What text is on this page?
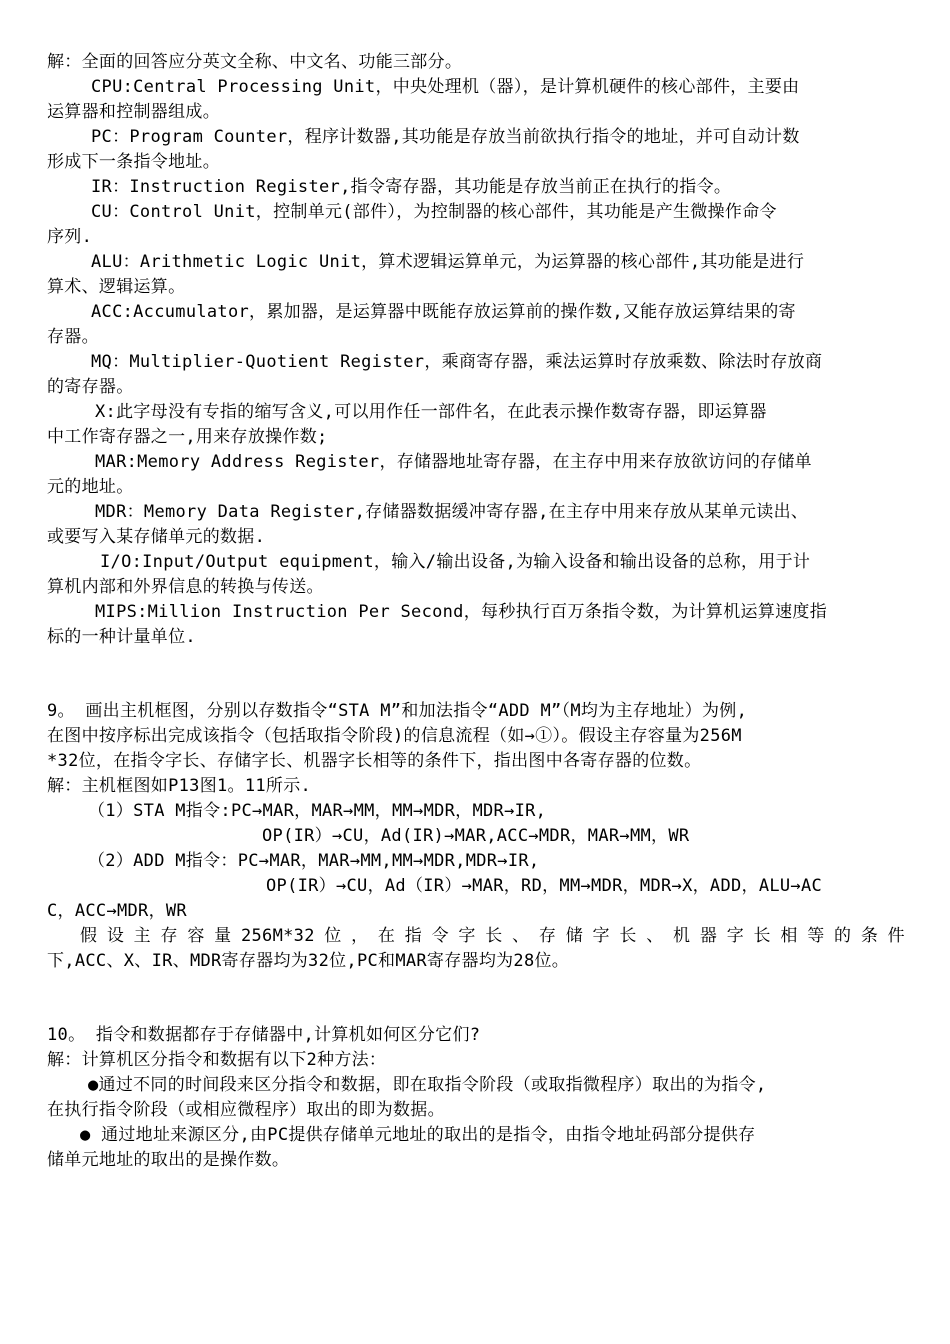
解：全面的回答应分英文全称、中文名、功能三部分。
CPU:Central Processing Unit，中央处理机（器），是计算机硬件的核心部件，主要由
运算器和控制器组成。
PC：Program Counter，程序计数器,其功能是存放当前欲执行指令的地址，并可自动计数
形成下一条指令地址。
IR：Instruction Register,指令寄存器，其功能是存放当前正在执行的指令。
CU：Control Unit，控制单元(部件），为控制器的核心部件，其功能是产生微操作命令
序列.
ALU：Arithmetic Logic Unit，算术逻辑运算单元，为运算器的核心部件,其功能是进行
算术、逻辑运算。
ACC:Accumulator，累加器，是运算器中既能存放运算前的操作数,又能存放运算结果的寄
存器。
MQ：Multiplier-Quotient Register，乘商寄存器，乘法运算时存放乘数、除法时存放商
的寄存器。
X:此字母没有专指的缩写含义,可以用作任一部件名，在此表示操作数寄存器，即运算器
中工作寄存器之一,用来存放操作数;
MAR:Memory Address Register，存储器地址寄存器，在主存中用来存放欲访问的存储单
元的地址。
MDR：Memory Data Register,存储器数据缓冲寄存器,在主存中用来存放从某单元读出、
或要写入某存储单元的数据.
I/O:Input/Output equipment，输入/输出设备,为输入设备和输出设备的总称，用于计
算机内部和外界信息的转换与传送。
MIPS:Million Instruction Per Second，每秒执行百万条指令数，为计算机运算速度指
标的一种计量单位.
9。 画出主机框图，分别以存数指令“STA M”和加法指令“ADD M”（M均为主存地址）为例,
在图中按序标出完成该指令（包括取指令阶段)的信息流程（如→①）。假设主存容量为256M
*32位，在指令字长、存储字长、机器字长相等的条件下，指出图中各寄存器的位数。
解：主机框图如P13图1。11所示.
（1）STA M指令:PC→MAR，MAR→MM，MM→MDR，MDR→IR,
OP(IR）→CU，Ad(IR)→MAR,ACC→MDR，MAR→MM，WR
（2）ADD M指令：PC→MAR，MAR→MM,MM→MDR,MDR→IR,
OP(IR）→CU，Ad（IR）→MAR，RD，MM→MDR，MDR→X，ADD，ALU→AC
C，ACC→MDR，WR
假设主存容量256M*32位，在指令字长、存储字长、机器字长相等的条件
下,ACC、X、IR、MDR寄存器均为32位,PC和MAR寄存器均为28位。
10。 指令和数据都存于存储器中,计算机如何区分它们?
解：计算机区分指令和数据有以下2种方法：
●通过不同的时间段来区分指令和数据，即在取指令阶段（或取指微程序）取出的为指令,
在执行指令阶段（或相应微程序）取出的即为数据。
● 通过地址来源区分,由PC提供存储单元地址的取出的是指令，由指令地址码部分提供存
储单元地址的取出的是操作数。
